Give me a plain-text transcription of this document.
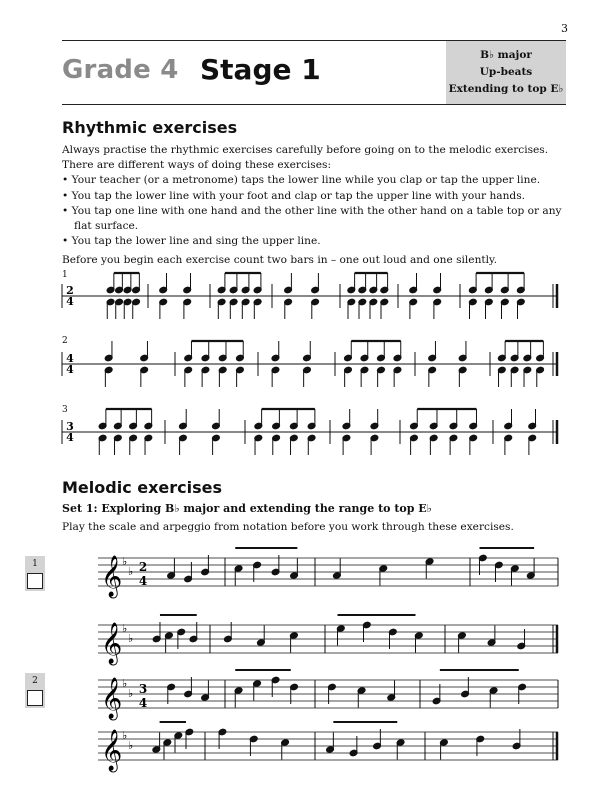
3
Grade 4 Stage 1	B♭ major
Up-beats
Extending to top E♭
Rhythmic exercises

Always practise the rhythmic exercises carefully before going on to the melodic exercises. There are different ways of doing these exercises:

• Your teacher (or a metronome) taps the lower line while you clap or tap the upper line.

• You tap the lower line with your foot and clap or tap the upper line with your hands.

• You tap one line with one hand and the other line with the other hand on a table top or any flat surface.

• You tap the lower line and sing the upper line.

Before you begin each exercise count two bars in – one out loud and one silently.

1
2
3
Melodic exercises
Set 1: Exploring B♭ major and extending the range to top E♭
Play the scale and arpeggio from notation before you work through these exercises.
1
2
𝄞 ♭
♭
𝄞 ♭
♭
𝄞 ♭
♭
𝄞 ♭
♭
2
4
4
4
3
4
2
4
3
4
